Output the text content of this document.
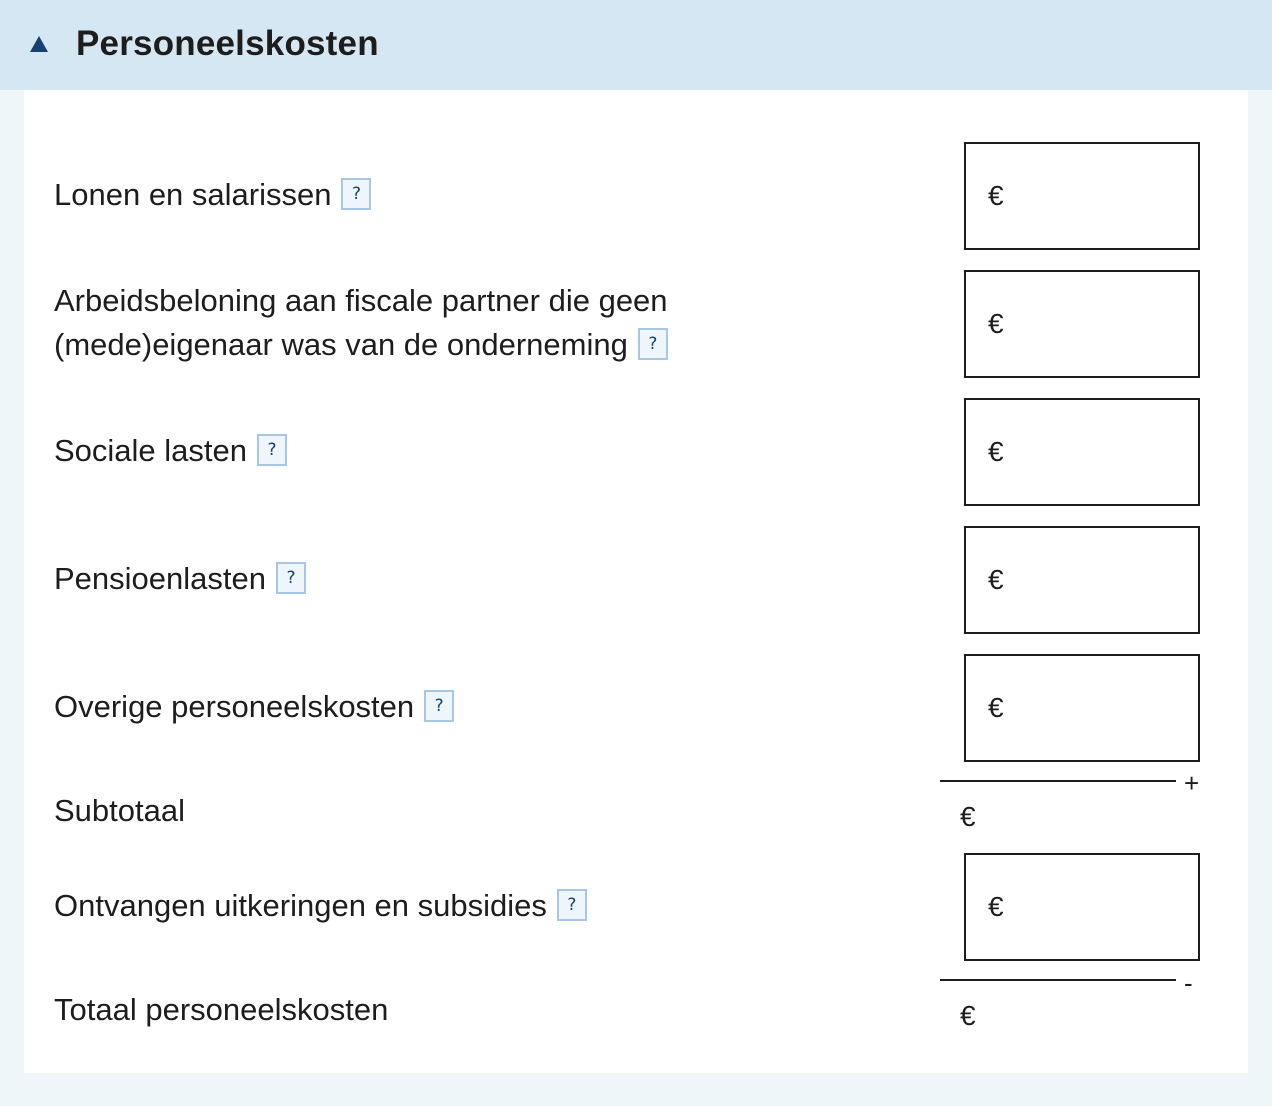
Personeelskosten
Lonen en salarissen ?	€
Arbeidsbeloning aan fiscale partner die geen
(mede)eigenaar was van de onderneming ?
€
Sociale lasten ?	€
Pensioenlasten ?	€
Overige personeelskosten ?	€
+
Subtotaal	€
Ontvangen uitkeringen en subsidies ?	€
-
Totaal personeelskosten	€
